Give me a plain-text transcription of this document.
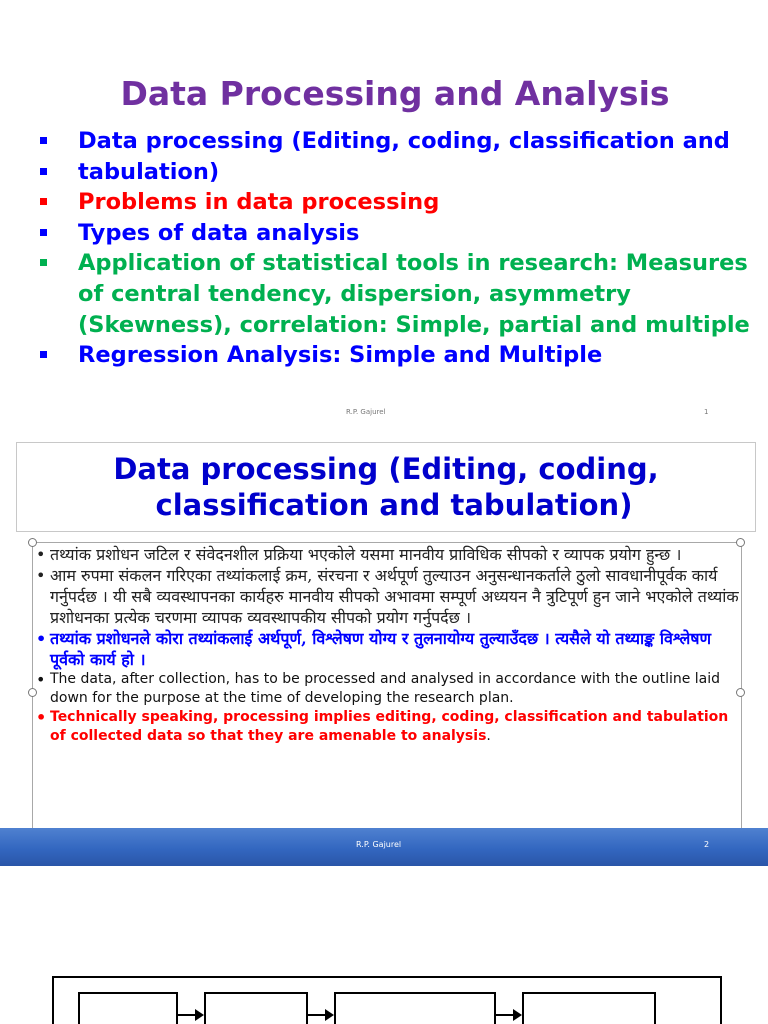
Data Processing and Analysis
Data processing (Editing, coding, classification and
tabulation)
Problems in data processing
Types of data analysis
Application of statistical tools in research: Measures of central tendency, dispersion, asymmetry (Skewness), correlation: Simple, partial and multiple
Regression Analysis: Simple and Multiple
R.P. Gajurel	1
Data processing (Editing, coding,
classification and tabulation)

• तथ्यांक प्रशोधन जटिल र संवेदनशील प्रक्रिया भएकोले यसमा मानवीय प्राविधिक सीपको र व्यापक प्रयोग हुन्छ ।

• आम रुपमा संकलन गरिएका तथ्यांकलाई क्रम, संरचना र अर्थपूर्ण तुल्याउन अनुसन्धानकर्ताले ठुलो सावधानीपूर्वक कार्य गर्नुपर्दछ । यी सबै व्यवस्थापनका कार्यहरु मानवीय सीपको अभावमा सम्पूर्ण अध्ययन नै त्रुटिपूर्ण हुन जाने भएकोले तथ्यांक प्रशोधनका प्रत्येक चरणमा व्यापक व्यवस्थापकीय सीपको प्रयोग गर्नुपर्दछ ।

• तथ्यांक प्रशोधनले कोरा तथ्यांकलाई अर्थपूर्ण, विश्लेषण योग्य र तुलनायोग्य तुल्याउँदछ । त्यसैले यो तथ्याङ्क विश्लेषण पूर्वको कार्य हो ।

• The data, after collection, has to be processed and analysed in accordance with the outline laid down for the purpose at the time of developing the research plan.

• Technically speaking, processing implies editing, coding, classification and tabulation of collected data so that they are amenable to analysis.

R.P. Gajurel	2
